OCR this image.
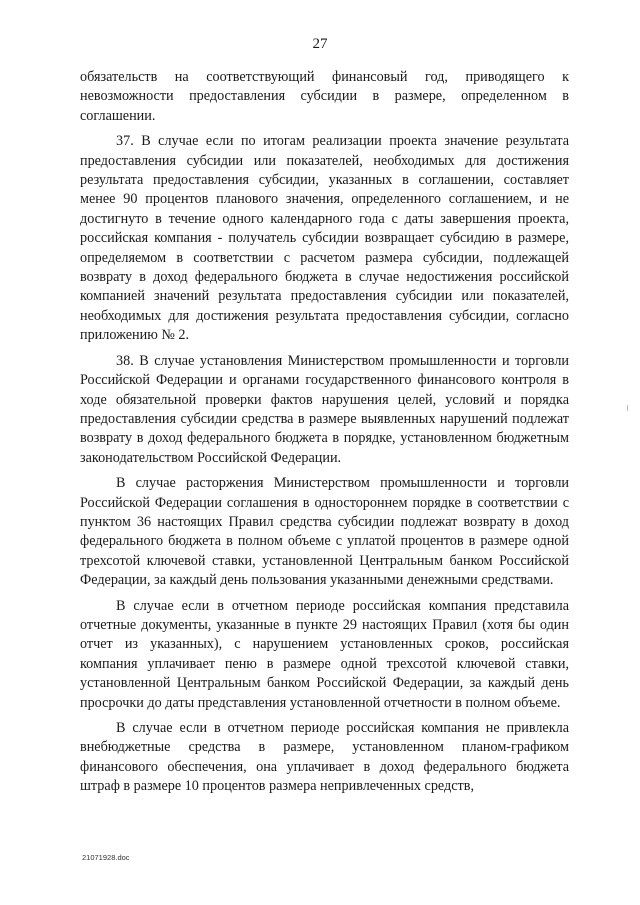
27

обязательств на соответствующий финансовый год, приводящего к невозможности предоставления субсидии в размере, определенном в соглашении.

37. В случае если по итогам реализации проекта значение результата предоставления субсидии или показателей, необходимых для достижения результата предоставления субсидии, указанных в соглашении, составляет менее 90 процентов планового значения, определенного соглашением, и не достигнуто в течение одного календарного года с даты завершения проекта, российская компания - получатель субсидии возвращает субсидию в размере, определяемом в соответствии с расчетом размера субсидии, подлежащей возврату в доход федерального бюджета в случае недостижения российской компанией значений результата предоставления субсидии или показателей, необходимых для достижения результата предоставления субсидии, согласно приложению № 2.

38. В случае установления Министерством промышленности и торговли Российской Федерации и органами государственного финансового контроля в ходе обязательной проверки фактов нарушения целей, условий и порядка предоставления субсидии средства в размере выявленных нарушений подлежат возврату в доход федерального бюджета в порядке, установленном бюджетным законодательством Российской Федерации.

В случае расторжения Министерством промышленности и торговли Российской Федерации соглашения в одностороннем порядке в соответствии с пунктом 36 настоящих Правил средства субсидии подлежат возврату в доход федерального бюджета в полном объеме с уплатой процентов в размере одной трехсотой ключевой ставки, установленной Центральным банком Российской Федерации, за каждый день пользования указанными денежными средствами.

В случае если в отчетном периоде российская компания представила отчетные документы, указанные в пункте 29 настоящих Правил (хотя бы один отчет из указанных), с нарушением установленных сроков, российская компания уплачивает пеню в размере одной трехсотой ключевой ставки, установленной Центральным банком Российской Федерации, за каждый день просрочки до даты представления установленной отчетности в полном объеме.

В случае если в отчетном периоде российская компания не привлекла внебюджетные средства в размере, установленном планом-графиком финансового обеспечения, она уплачивает в доход федерального бюджета штраф в размере 10 процентов размера непривлеченных средств,

21071928.doc
